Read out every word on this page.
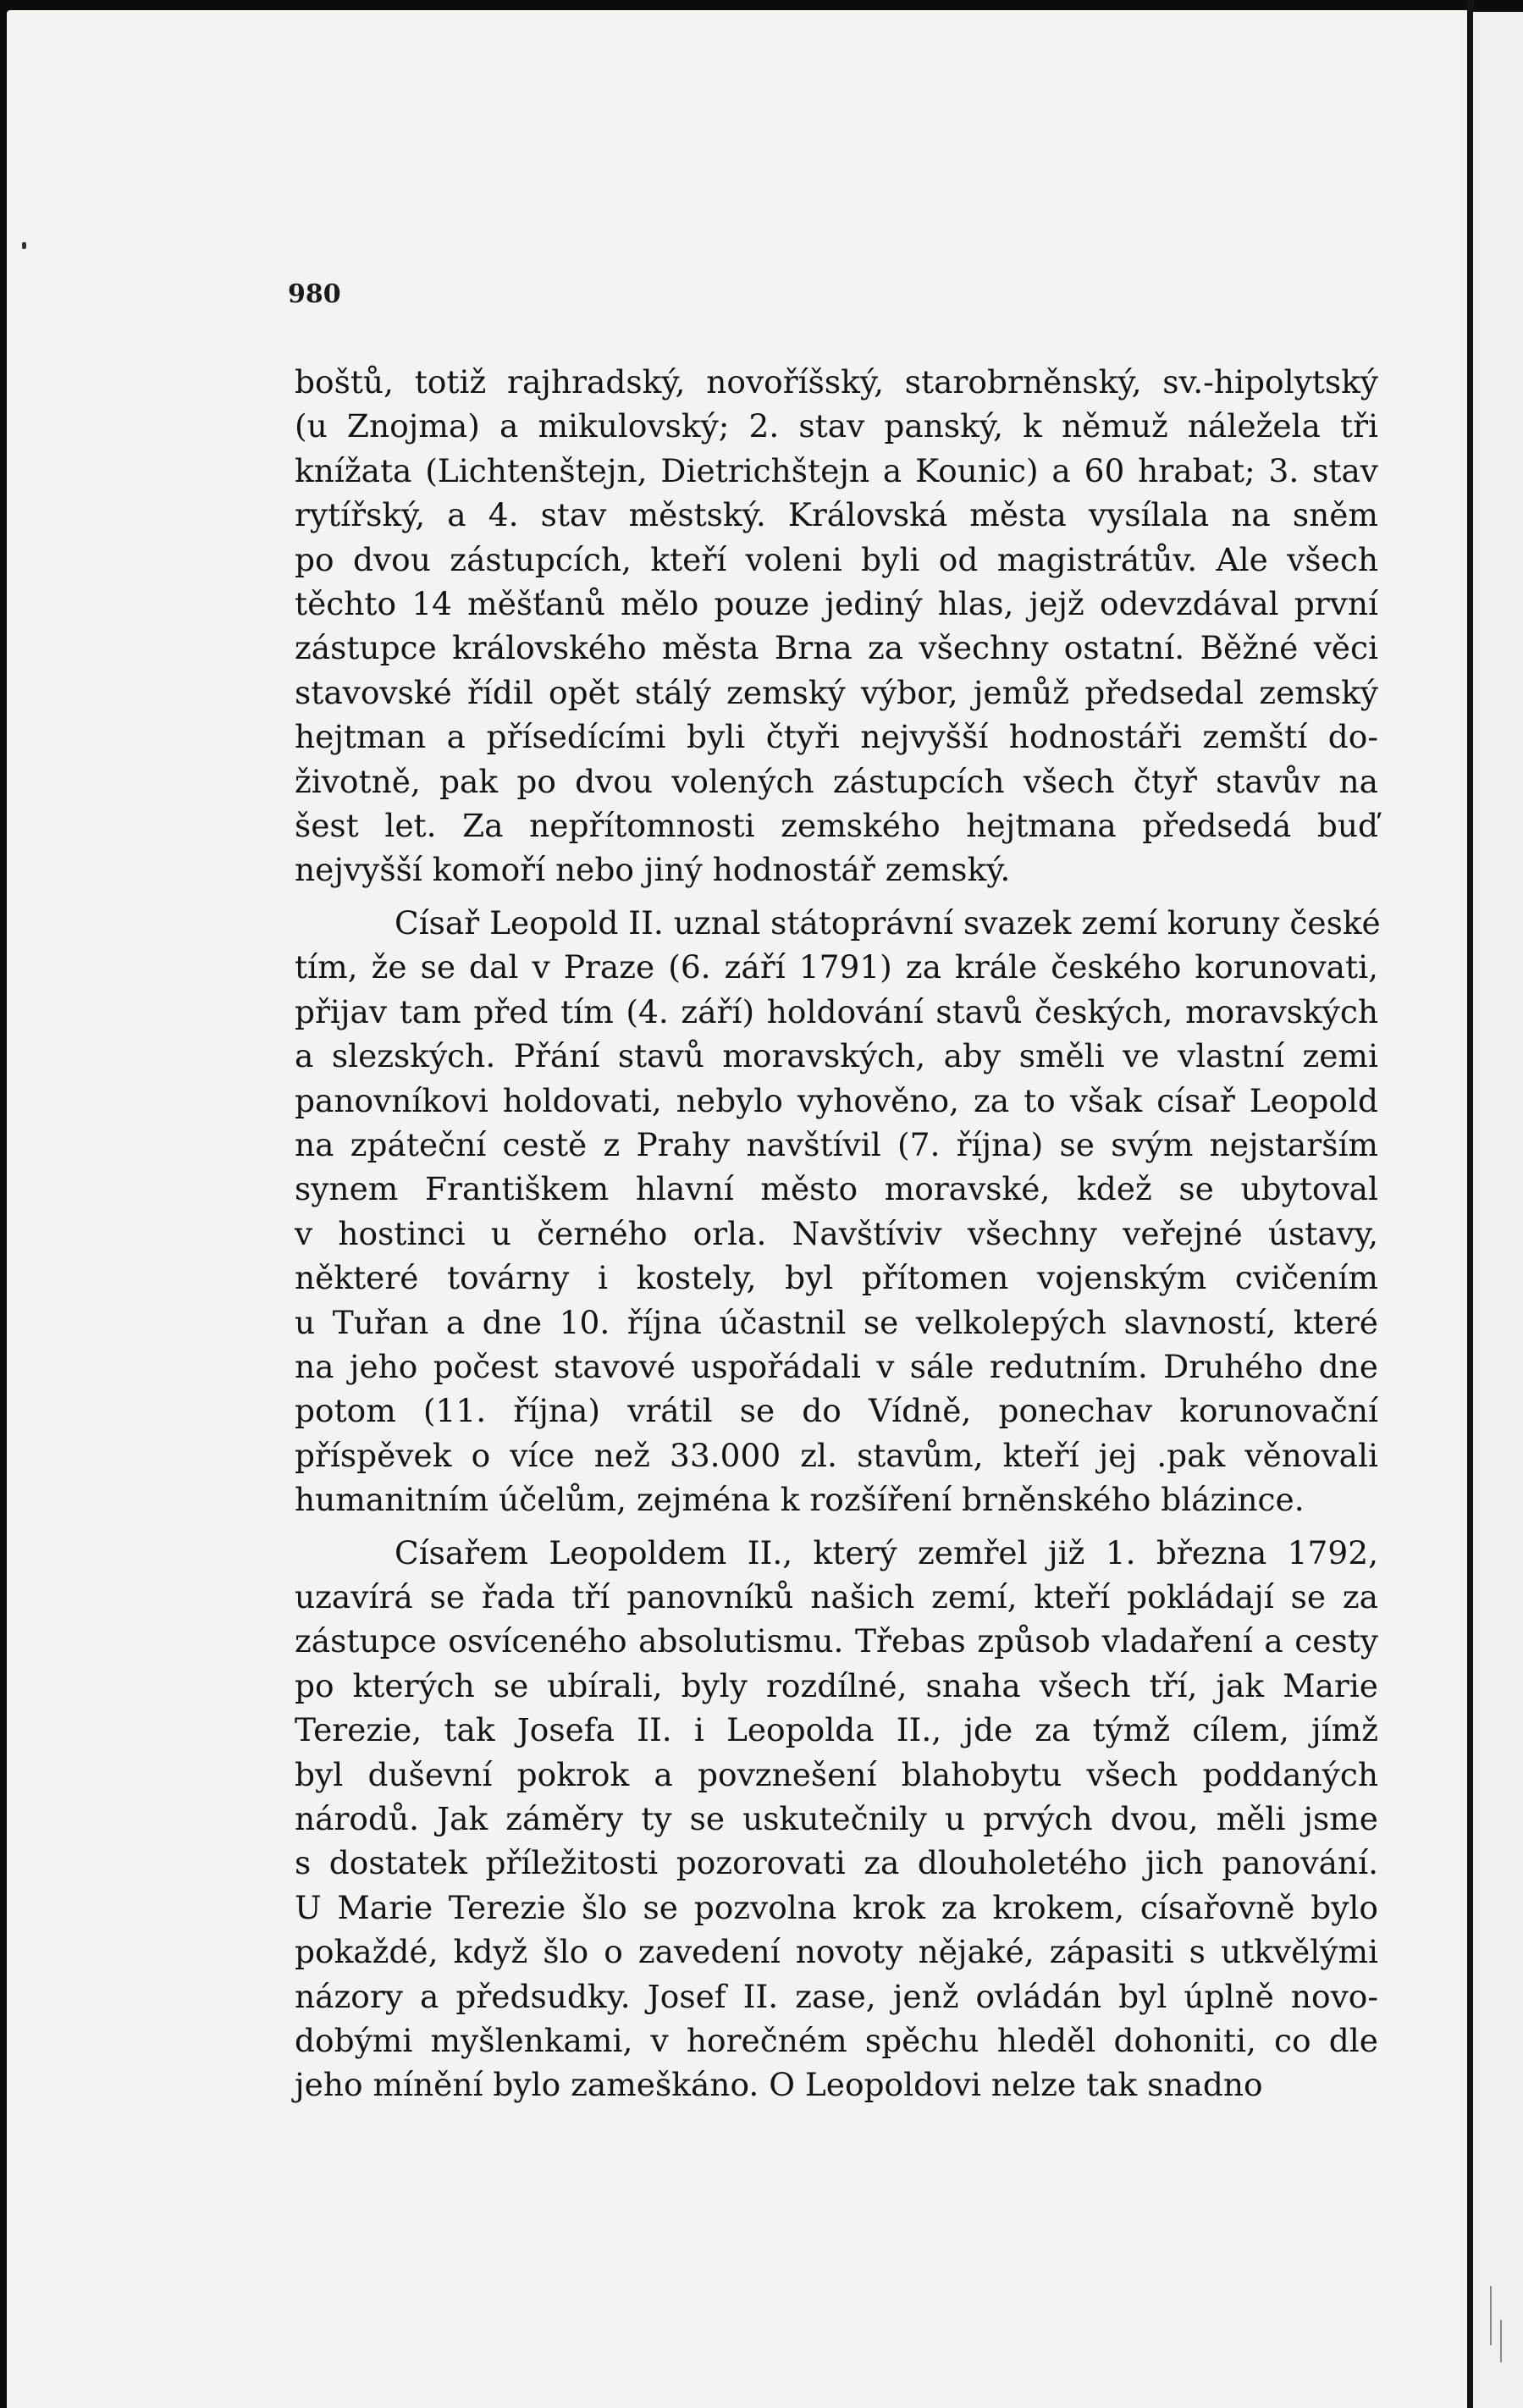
980
boštů, totiž rajhradský, novoříšský, starobrněnský, sv.-hipolytský
(u Znojma) a mikulovský; 2. stav panský, k němuž náležela tři
knížata (Lichtenštejn, Dietrichštejn a Kounic) a 60 hrabat; 3. stav
rytířský, a 4. stav městský. Královská města vysílala na sněm
po dvou zástupcích, kteří voleni byli od magistrátův. Ale všech
těchto 14 měšťanů mělo pouze jediný hlas, jejž odevzdával první
zástupce královského města Brna za všechny ostatní. Běžné věci
stavovské řídil opět stálý zemský výbor, jemůž předsedal zemský
hejtman a přísedícími byli čtyři nejvyšší hodnostáři zemští do-
životně, pak po dvou volených zástupcích všech čtyř stavův na
šest let. Za nepřítomnosti zemského hejtmana předsedá buď
nejvyšší komoří nebo jiný hodnostář zemský.
Císař Leopold II. uznal státoprávní svazek zemí koruny české
tím, že se dal v Praze (6. září 1791) za krále českého korunovati,
přijav tam před tím (4. září) holdování stavů českých, moravských
a slezských. Přání stavů moravských, aby směli ve vlastní zemi
panovníkovi holdovati, nebylo vyhověno, za to však císař Leopold
na zpáteční cestě z Prahy navštívil (7. října) se svým nejstarším
synem Františkem hlavní město moravské, kdež se ubytoval
v hostinci u černého orla. Navštíviv všechny veřejné ústavy,
některé továrny i kostely, byl přítomen vojenským cvičením
u Tuřan a dne 10. října účastnil se velkolepých slavností, které
na jeho počest stavové uspořádali v sále redutním. Druhého dne
potom (11. října) vrátil se do Vídně, ponechav korunovační
příspěvek o více než 33.000 zl. stavům, kteří jej .pak věnovali
humanitním účelům, zejména k rozšíření brněnského blázince.
Císařem Leopoldem II., který zemřel již 1. března 1792,
uzavírá se řada tří panovníků našich zemí, kteří pokládají se za
zástupce osvíceného absolutismu. Třebas způsob vladaření a cesty
po kterých se ubírali, byly rozdílné, snaha všech tří, jak Marie
Terezie, tak Josefa II. i Leopolda II., jde za týmž cílem, jímž
byl duševní pokrok a povznešení blahobytu všech poddaných
národů. Jak záměry ty se uskutečnily u prvých dvou, měli jsme
s dostatek příležitosti pozorovati za dlouholetého jich panování.
U Marie Terezie šlo se pozvolna krok za krokem, císařovně bylo
pokaždé, když šlo o zavedení novoty nějaké, zápasiti s utkvělými
názory a předsudky. Josef II. zase, jenž ovládán byl úplně novo-
dobými myšlenkami, v horečném spěchu hleděl dohoniti, co dle
jeho mínění bylo zameškáno. O Leopoldovi nelze tak snadno
